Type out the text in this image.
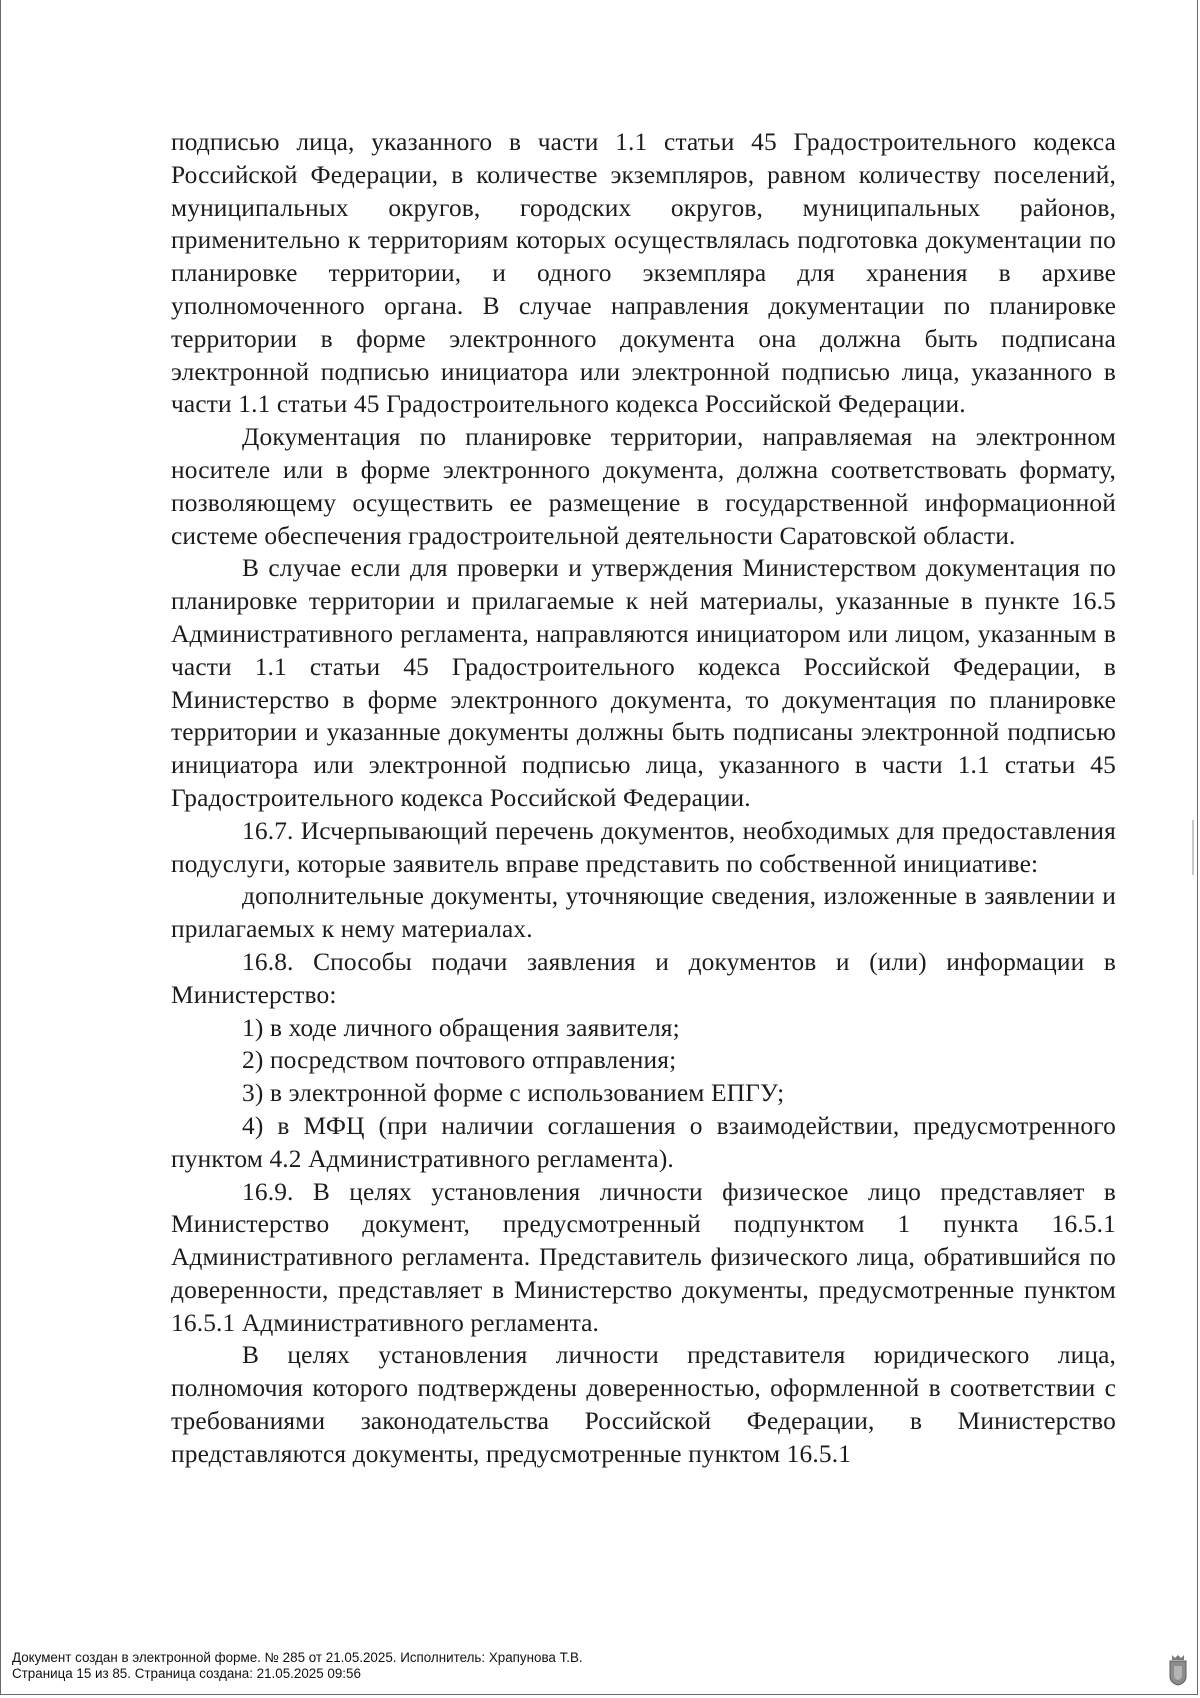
подписью лица, указанного в части 1.1 статьи 45 Градостроительного кодекса Российской Федерации, в количестве экземпляров, равном количеству поселений, муниципальных округов, городских округов, муниципальных районов, применительно к территориям которых осуществлялась подготовка документации по планировке территории, и одного экземпляра для хранения в архиве уполномоченного органа. В случае направления документации по планировке территории в форме электронного документа она должна быть подписана электронной подписью инициатора или электронной подписью лица, указанного в части 1.1 статьи 45 Градостроительного кодекса Российской Федерации.

Документация по планировке территории, направляемая на электронном носителе или в форме электронного документа, должна соответствовать формату, позволяющему осуществить ее размещение в государственной информационной системе обеспечения градостроительной деятельности Саратовской области.

В случае если для проверки и утверждения Министерством документация по планировке территории и прилагаемые к ней материалы, указанные в пункте 16.5 Административного регламента, направляются инициатором или лицом, указанным в части 1.1 статьи 45 Градостроительного кодекса Российской Федерации, в Министерство в форме электронного документа, то документация по планировке территории и указанные документы должны быть подписаны электронной подписью инициатора или электронной подписью лица, указанного в части 1.1 статьи 45 Градостроительного кодекса Российской Федерации.

16.7. Исчерпывающий перечень документов, необходимых для предоставления подуслуги, которые заявитель вправе представить по собственной инициативе:

дополнительные документы, уточняющие сведения, изложенные в заявлении и прилагаемых к нему материалах.

16.8. Способы подачи заявления и документов и (или) информации в Министерство:

1) в ходе личного обращения заявителя;

2) посредством почтового отправления;

3) в электронной форме с использованием ЕПГУ;

4) в МФЦ (при наличии соглашения о взаимодействии, предусмотренного пунктом 4.2 Административного регламента).

16.9. В целях установления личности физическое лицо представляет в Министерство документ, предусмотренный подпунктом 1 пункта 16.5.1 Административного регламента. Представитель физического лица, обратившийся по доверенности, представляет в Министерство документы, предусмотренные пунктом 16.5.1 Административного регламента.

В целях установления личности представителя юридического лица, полномочия которого подтверждены доверенностью, оформленной в соответствии с требованиями законодательства Российской Федерации, в Министерство представляются документы, предусмотренные пунктом 16.5.1

Документ создан в электронной форме. № 285 от 21.05.2025. Исполнитель: Храпунова Т.В.
Страница 15 из 85. Страница создана: 21.05.2025 09:56
